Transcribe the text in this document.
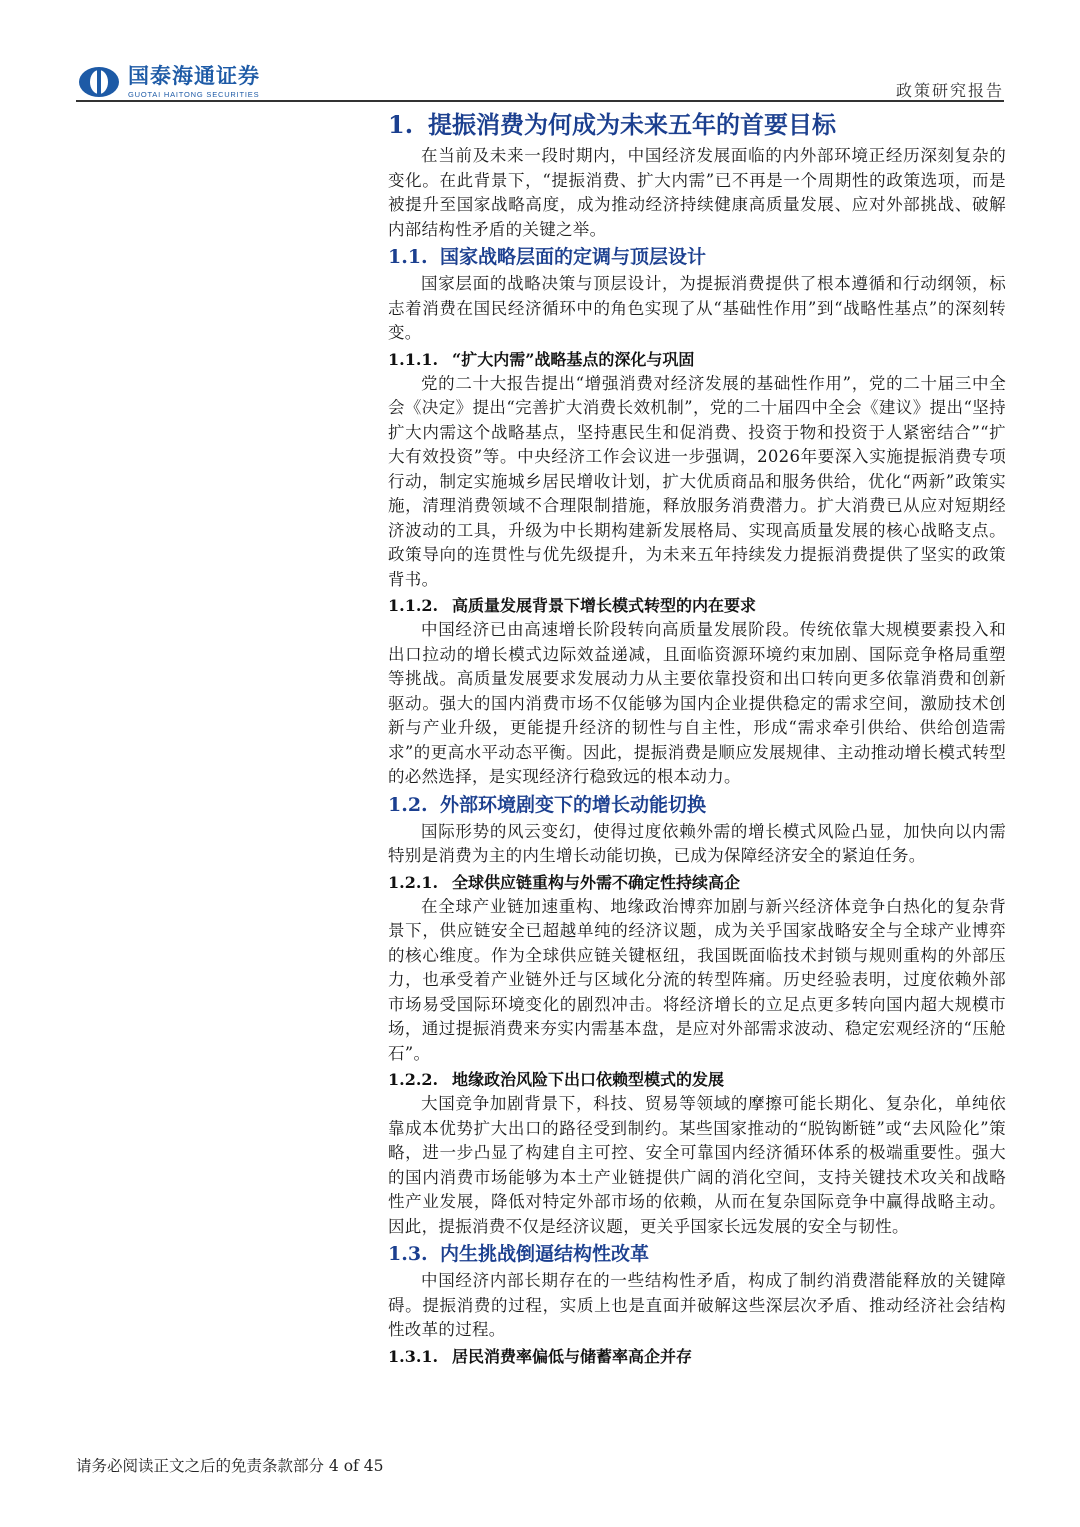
国泰海通证券
GUOTAI HAITONG SECURITIES	政策研究报告
1. 提振消费为何成为未来五年的首要目标

在当前及未来一段时期内，中国经济发展面临的内外部环境正经历深刻复杂的变化。在此背景下，“提振消费、扩大内需”已不再是一个周期性的政策选项，而是被提升至国家战略高度，成为推动经济持续健康高质量发展、应对外部挑战、破解内部结构性矛盾的关键之举。

1.1. 国家战略层面的定调与顶层设计

国家层面的战略决策与顶层设计，为提振消费提供了根本遵循和行动纲领，标志着消费在国民经济循环中的角色实现了从“基础性作用”到“战略性基点”的深刻转变。

1.1.1. “扩大内需”战略基点的深化与巩固

党的二十大报告提出“增强消费对经济发展的基础性作用”，党的二十届三中全会《决定》提出“完善扩大消费长效机制”，党的二十届四中全会《建议》提出“坚持扩大内需这个战略基点，坚持惠民生和促消费、投资于物和投资于人紧密结合”“扩大有效投资”等。中央经济工作会议进一步强调，2026年要深入实施提振消费专项行动，制定实施城乡居民增收计划，扩大优质商品和服务供给，优化“两新”政策实施，清理消费领域不合理限制措施，释放服务消费潜力。扩大消费已从应对短期经济波动的工具，升级为中长期构建新发展格局、实现高质量发展的核心战略支点。政策导向的连贯性与优先级提升，为未来五年持续发力提振消费提供了坚实的政策背书。

1.1.2. 高质量发展背景下增长模式转型的内在要求

中国经济已由高速增长阶段转向高质量发展阶段。传统依靠大规模要素投入和出口拉动的增长模式边际效益递减，且面临资源环境约束加剧、国际竞争格局重塑等挑战。高质量发展要求发展动力从主要依靠投资和出口转向更多依靠消费和创新驱动。强大的国内消费市场不仅能够为国内企业提供稳定的需求空间，激励技术创新与产业升级，更能提升经济的韧性与自主性，形成“需求牵引供给、供给创造需求”的更高水平动态平衡。因此，提振消费是顺应发展规律、主动推动增长模式转型的必然选择，是实现经济行稳致远的根本动力。

1.2. 外部环境剧变下的增长动能切换

国际形势的风云变幻，使得过度依赖外需的增长模式风险凸显，加快向以内需特别是消费为主的内生增长动能切换，已成为保障经济安全的紧迫任务。

1.2.1. 全球供应链重构与外需不确定性持续高企

在全球产业链加速重构、地缘政治博弈加剧与新兴经济体竞争白热化的复杂背景下，供应链安全已超越单纯的经济议题，成为关乎国家战略安全与全球产业博弈的核心维度。作为全球供应链关键枢纽，我国既面临技术封锁与规则重构的外部压力，也承受着产业链外迁与区域化分流的转型阵痛。历史经验表明，过度依赖外部市场易受国际环境变化的剧烈冲击。将经济增长的立足点更多转向国内超大规模市场，通过提振消费来夯实内需基本盘，是应对外部需求波动、稳定宏观经济的“压舱石”。

1.2.2. 地缘政治风险下出口依赖型模式的发展

大国竞争加剧背景下，科技、贸易等领域的摩擦可能长期化、复杂化，单纯依靠成本优势扩大出口的路径受到制约。某些国家推动的“脱钩断链”或“去风险化”策略，进一步凸显了构建自主可控、安全可靠国内经济循环体系的极端重要性。强大的国内消费市场能够为本土产业链提供广阔的消化空间，支持关键技术攻关和战略性产业发展，降低对特定外部市场的依赖，从而在复杂国际竞争中赢得战略主动。因此，提振消费不仅是经济议题，更关乎国家长远发展的安全与韧性。

1.3. 内生挑战倒逼结构性改革

中国经济内部长期存在的一些结构性矛盾，构成了制约消费潜能释放的关键障碍。提振消费的过程，实质上也是直面并破解这些深层次矛盾、推动经济社会结构性改革的过程。

1.3.1. 居民消费率偏低与储蓄率高企并存
请务必阅读正文之后的免责条款部分 4 of 45
